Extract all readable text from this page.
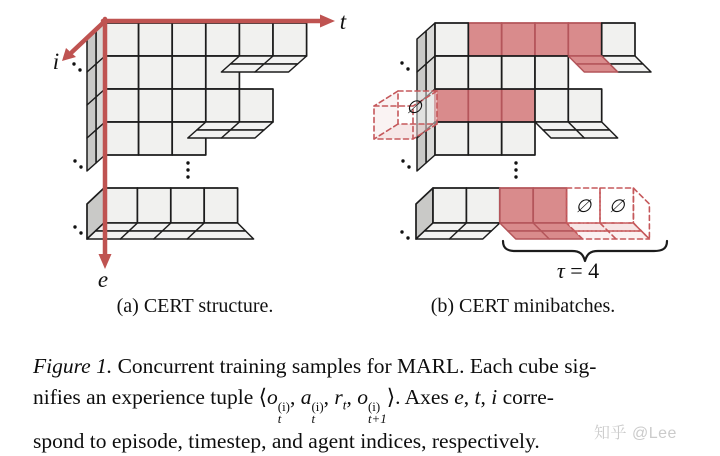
t
i
e
∅
∅ ∅
τ = 4
(a) CERT structure.	(b) CERT minibatches.
Figure 1. Concurrent training samples for MARL. Each cube sig-
nifies an experience tuple ⟨o (i)
t
, a (i)
t
, $r_t$, o (i)
t+1
⟩. Axes e, t, i corre-
spond to episode, timestep, and agent indices, respectively.	知乎 @Lee
